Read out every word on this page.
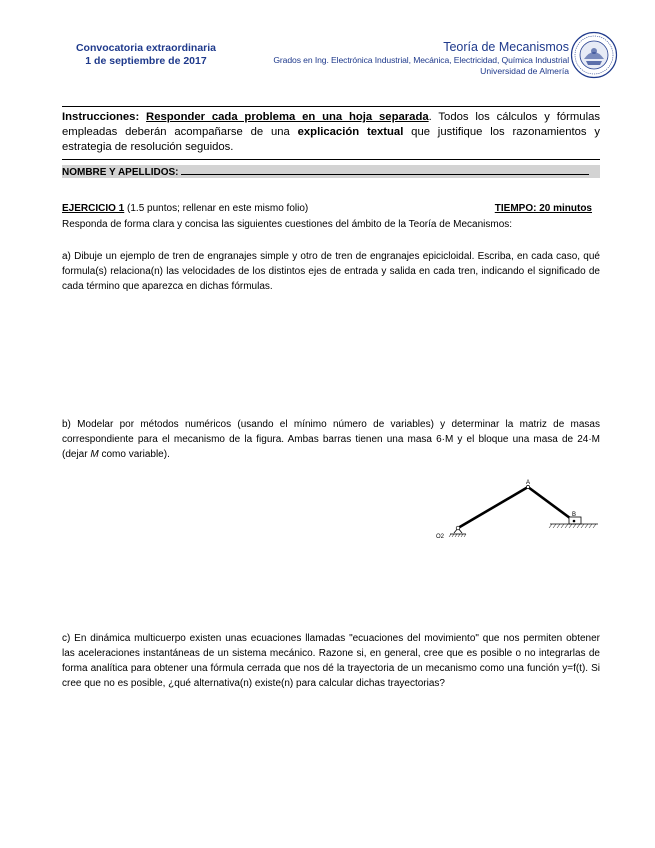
Convocatoria extraordinaria
1 de septiembre de 2017
Teoría de Mecanismos
Grados en Ing. Electrónica Industrial, Mecánica, Electricidad, Química Industrial
Universidad de Almería
Instrucciones: Responder cada problema en una hoja separada. Todos los cálculos y fórmulas empleadas deberán acompañarse de una explicación textual que justifique los razonamientos y estrategia de resolución seguidos.
NOMBRE Y APELLIDOS:
EJERCICIO 1 (1.5 puntos; rellenar en este mismo folio)	TIEMPO: 20 minutos
Responda de forma clara y concisa las siguientes cuestiones del ámbito de la Teoría de Mecanismos:
a) Dibuje un ejemplo de tren de engranajes simple y otro de tren de engranajes epicicloidal. Escriba, en cada caso, qué formula(s) relaciona(n) las velocidades de los distintos ejes de entrada y salida en cada tren, indicando el significado de cada término que aparezca en dichas fórmulas.
b) Modelar por métodos numéricos (usando el mínimo número de variables) y determinar la matriz de masas correspondiente para el mecanismo de la figura. Ambas barras tienen una masa 6·M y el bloque una masa de 24·M (dejar M como variable).
A
B
O2
c) En dinámica multicuerpo existen unas ecuaciones llamadas "ecuaciones del movimiento" que nos permiten obtener las aceleraciones instantáneas de un sistema mecánico. Razone si, en general, cree que es posible o no integrarlas de forma analítica para obtener una fórmula cerrada que nos dé la trayectoria de un mecanismo como una función y=f(t). Si cree que no es posible, ¿qué alternativa(n) existe(n) para calcular dichas trayectorias?
